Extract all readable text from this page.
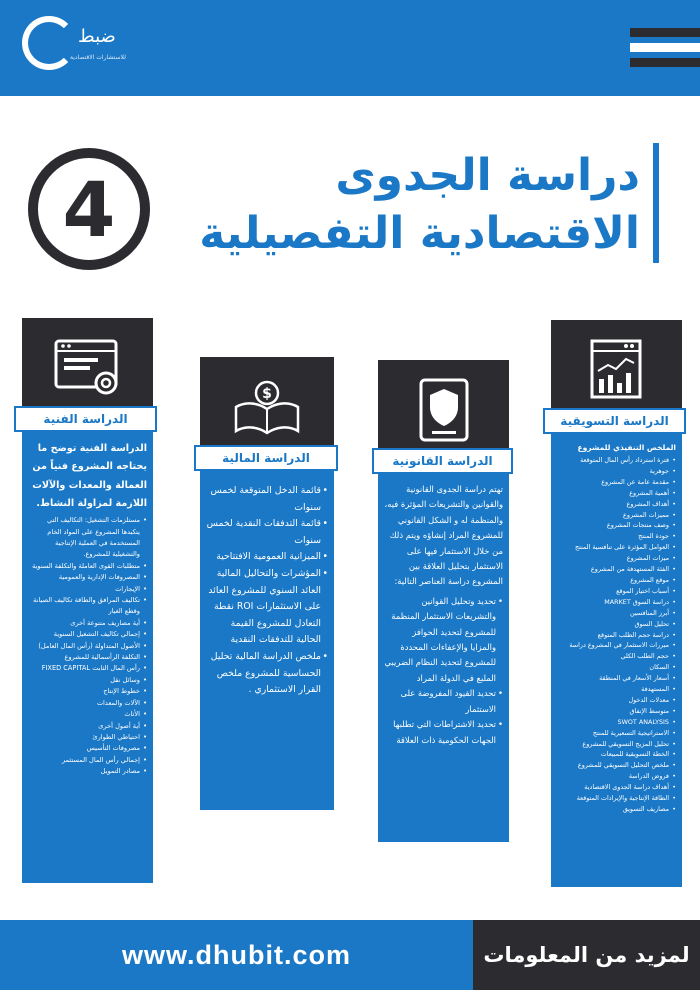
ضبط
للاستشارات الاقتصادية
4	دراسة الجدوى
الاقتصادية التفصيلية
الدراسة التسويقية
الملخص التنفيذي للمشروع
• فترة استرداد رأس المال المتوقعة
• جوهرية
• مقدمة عامة عن المشروع
• أهمية المشروع
• أهداف المشروع
• مميزات المشروع
• وصف منتجات المشروع
• جودة المنتج
• العوامل المؤثرة على تنافسية المنتج
• ميزات المشروع
• الفئة المستهدفة من المشروع
• موقع المشروع
• أسباب اختيار الموقع
• دراسة السوق MARKET
• أبرز المنافسين
• تحليل السوق
• دراسة حجم الطلب المتوقع
• مبررات الاستثمار في المشروع دراسة
• حجم الطلب الكلي
• السكان
• أسعار الأسعار في المنطقة
• المستهدفة
• معدلات الدخول
• متوسط الإنفاق
• SWOT ANALYSIS
• الاستراتيجية التسعيرية للمنتج
• تحليل المزيج التسويقي للمشروع
• الخطة التسويقية للمبيعات
• ملخص التحليل التسويقي للمشروع
• فروض الدراسة
• أهداف دراسة الجدوى الاقتصادية
• الطاقة الإنتاجية والإيرادات المتوقعة
• مصاريف التسويق
الدراسة القانونية
تهتم دراسة الجدوى القانونية والقوانين والتشريعات المؤثرة فيه، والمنظمة له و الشكل القانوني للمشروع المراد إنشاؤه ويتم ذلك من خلال الاستثمار فيها على الاستثمار بتحليل العلاقة بين المشروع دراسة العناصر التالية:
• تحديد وتحليل القوانين والتشريعات الاستثمار المنظمة للمشروع لتحديد الحوافز والمزايا والإعفاءات المحددة للمشروع لتحديد النظام الضريبي الملبع في الدولة المراد
• تحديد القيود المفروضة على الاستثمار
• تحديد الاشتراطات التي تطلبها الجهات الحكومية ذات العلاقة
$
الدراسة المالية
• قائمة الدخل المتوقعة لخمس سنوات
• قائمة التدفقات النقدية لخمس سنوات
• الميزانية العمومية الافتتاحية
• المؤشرات والتحاليل المالية العائد السنوي للمشروع العائد على الاستثمارات ROI نقطة التعادل للمشروع القيمة الحالية للتدفقات النقدية
• ملخص الدراسة المالية تحليل الحساسية للمشروع ملخص القرار الاستثماري .
الدراسة الفنية
الدراسة الفنية توضح ما يحتاجه المشروع فنياً من العمالة والمعدات والآلات اللازمة لمزاولة النشاط.
• مستلزمات التشغيل: التكاليف التي يتكبدها المشروع على المواد الخام المستخدمة في العملية الإنتاجية والتشغيلية للمشروع.
• متطلبات القوى العاملة والتكلفة السنوية
• المصروفات الإدارية والعمومية
• الإيجارات
• تكاليف المرافق والطاقة تكاليف الصيانة وقطع الغيار
• أية مصاريف متنوعة أخرى
• إجمالي تكاليف التشغيل السنوية
• الأصول المتداولة (رأس المال العامل)
• التكلفة الرأسمالية للمشروع
• رأس المال الثابت FIXED CAPITAL
• وسائل نقل
• خطوط الإنتاج
• الآلات والمعدات
• الأثاث
• أية أصول أخرى
• احتياطي الطوارئ
• مصروفات التأسيس
• إجمالي رأس المال المستثمر
• مصادر التمويل
www.dhubit.com	لمزيد من المعلومات
